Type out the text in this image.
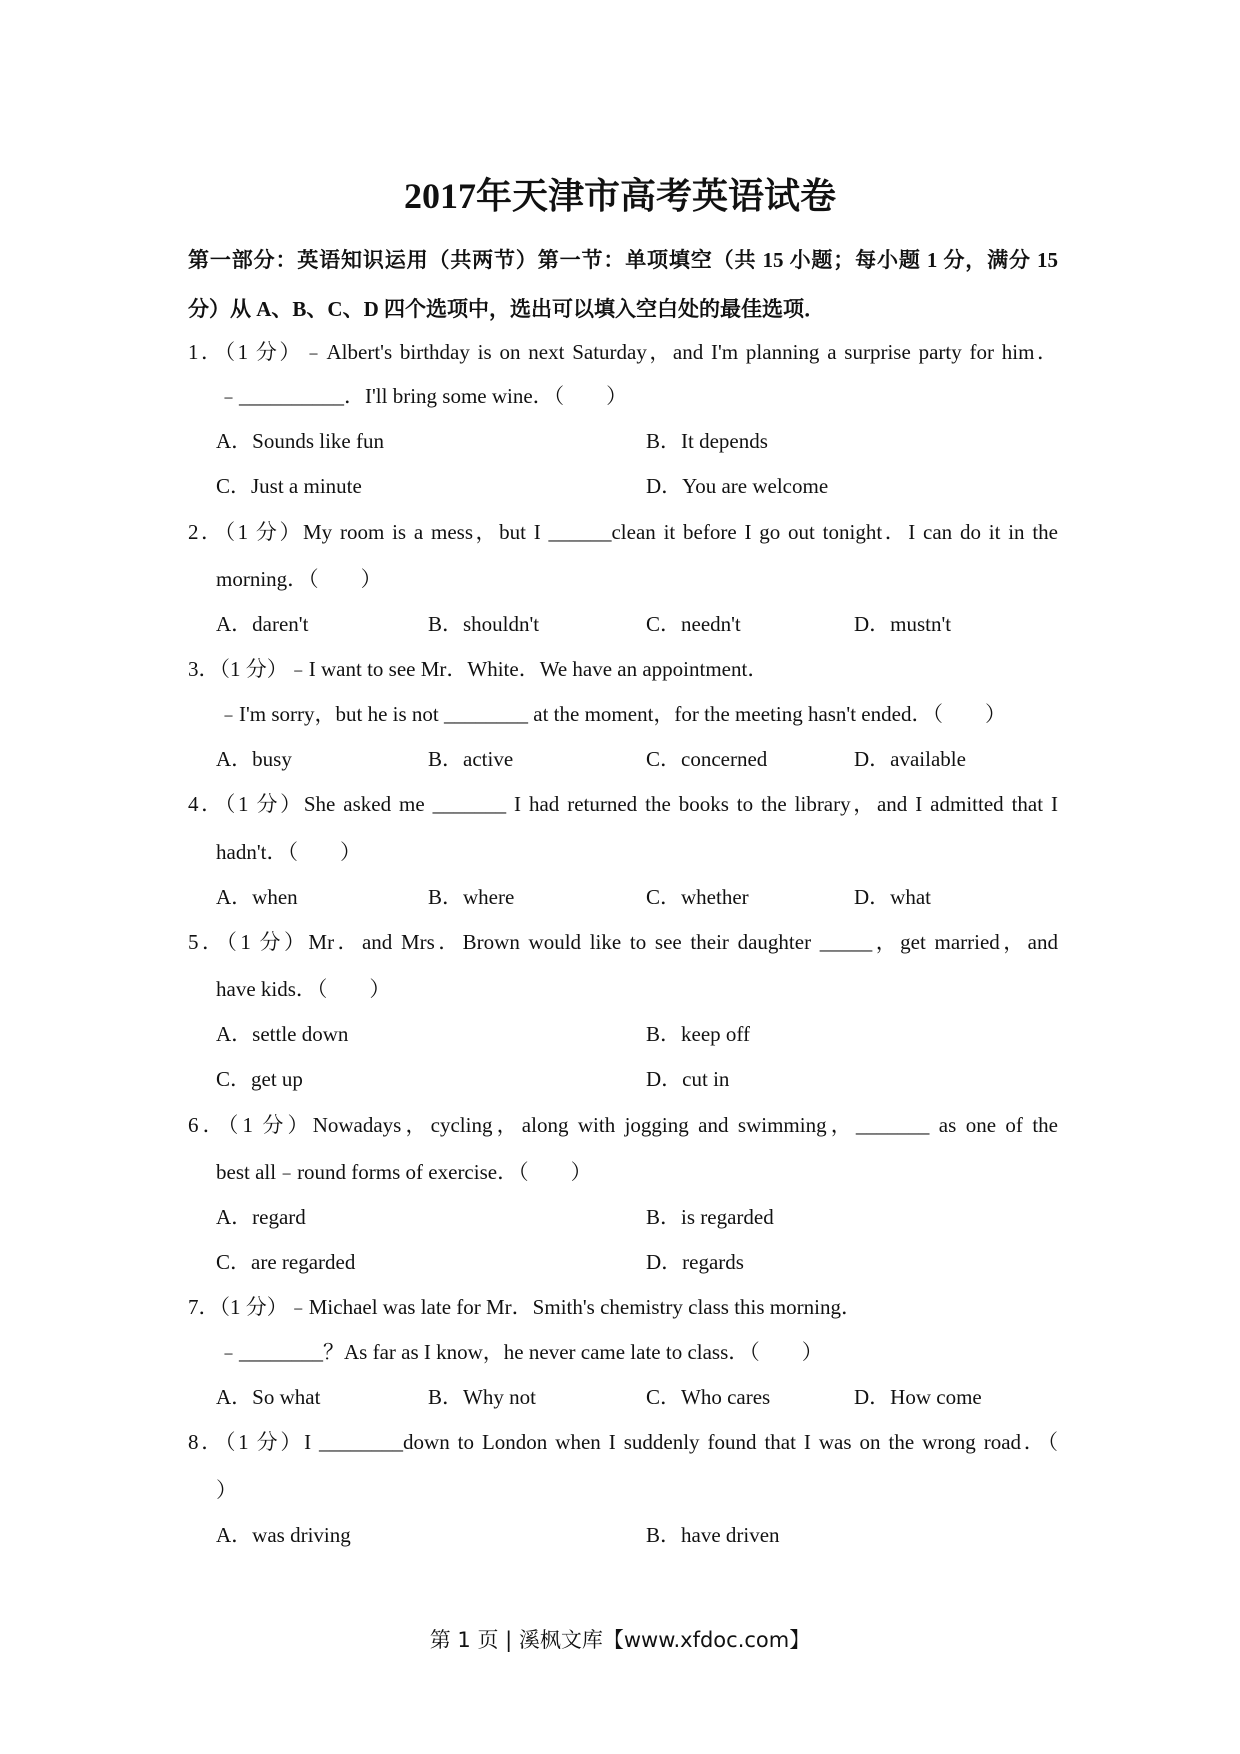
2017年天津市高考英语试卷

第一部分：英语知识运用（共两节）第一节：单项填空（共 15 小题；每小题 1 分，满分 15 分）从 A、B、C、D 四个选项中，选出可以填入空白处的最佳选项．

1．（1 分）﹣Albert's birthday is on next Saturday，and I'm planning a surprise party for him．
﹣__________．I'll bring some wine．（　　）
A．Sounds like fun	B．It depends
C．Just a minute	D．You are welcome
2．（1 分）My room is a mess，but I ______clean it before I go out tonight．I can do it in the
morning．（　　）
A．daren't	B．shouldn't	C．needn't	D．mustn't
3．（1 分）﹣I want to see Mr．White．We have an appointment．
﹣I'm sorry，but he is not ________ at the moment，for the meeting hasn't ended．（　　）
A．busy	B．active	C．concerned	D．available
4．（1 分）She asked me _______ I had returned the books to the library，and I admitted that I
hadn't．（　　）
A．when	B．where	C．whether	D．what
5．（1 分）Mr．and Mrs．Brown would like to see their daughter _____，get married，and
have kids．（　　）
A．settle down	B．keep off
C．get up	D．cut in
6．（1 分）Nowadays，cycling，along with jogging and swimming，_______ as one of the
best all﹣round forms of exercise．（　　）
A．regard	B．is regarded
C．are regarded	D．regards
7．（1 分）﹣Michael was late for Mr．Smith's chemistry class this morning．
﹣________？As far as I know，he never came late to class．（　　）
A．So what	B．Why not	C．Who cares	D．How come
8．（1 分）I ________down to London when I suddenly found that I was on the wrong road．（
）
A．was driving	B．have driven
第 1 页 | 溪枫文库【www.xfdoc.com】
